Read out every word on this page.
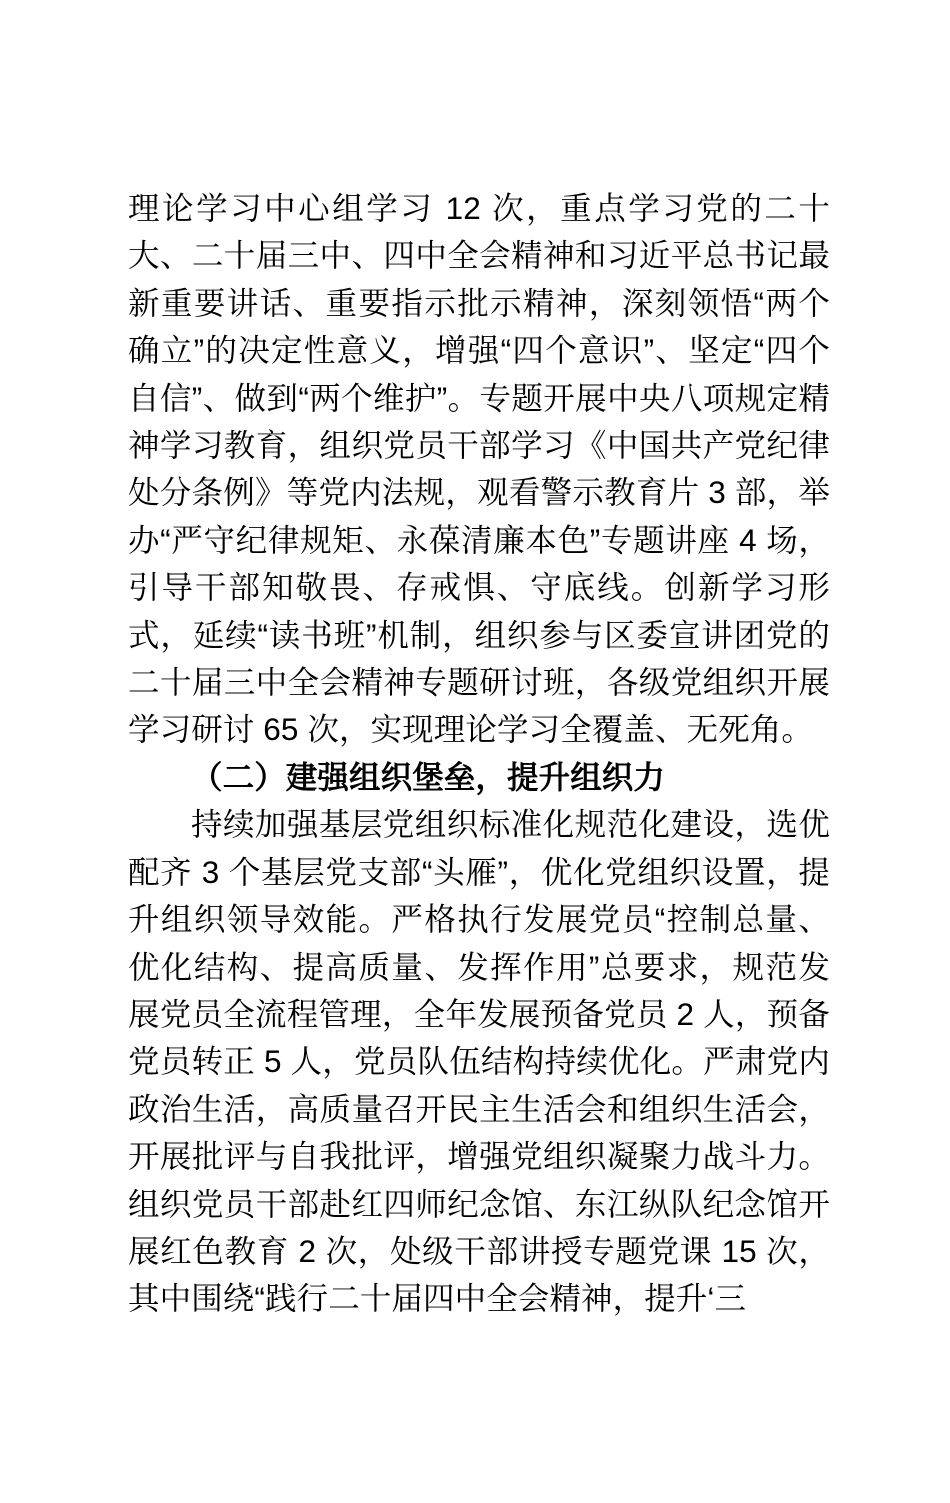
理论学习中心组学习 12 次，重点学习党的二十大、二十届三中、四中全会精神和习近平总书记最新重要讲话、重要指示批示精神，深刻领悟“两个确立”的决定性意义，增强“四个意识”、坚定“四个自信”、做到“两个维护”。专题开展中央八项规定精神学习教育，组织党员干部学习《中国共产党纪律处分条例》等党内法规，观看警示教育片 3 部，举办“严守纪律规矩、永葆清廉本色”专题讲座 4 场，引导干部知敬畏、存戒惧、守底线。创新学习形式，延续“读书班”机制，组织参与区委宣讲团党的二十届三中全会精神专题研讨班，各级党组织开展学习研讨 65 次，实现理论学习全覆盖、无死角。

（二）建强组织堡垒，提升组织力

持续加强基层党组织标准化规范化建设，选优配齐 3 个基层党支部“头雁”，优化党组织设置，提升组织领导效能。严格执行发展党员“控制总量、优化结构、提高质量、发挥作用”总要求，规范发展党员全流程管理，全年发展预备党员 2 人，预备党员转正 5 人，党员队伍结构持续优化。严肃党内政治生活，高质量召开民主生活会和组织生活会，开展批评与自我批评，增强党组织凝聚力战斗力。组织党员干部赴红四师纪念馆、东江纵队纪念馆开展红色教育 2 次，处级干部讲授专题党课 15 次，其中围绕“践行二十届四中全会精神，提升‘三
